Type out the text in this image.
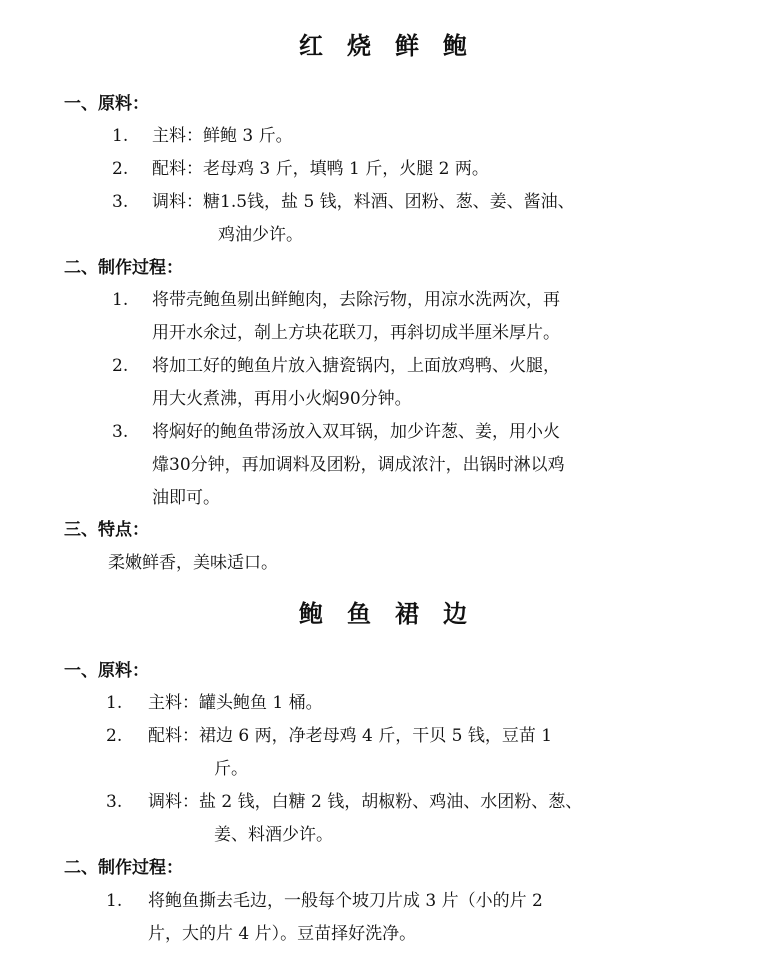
红烧鲜鲍
一、原料：
1. 主料：鲜鲍 3 斤。
2. 配料：老母鸡 3 斤，填鸭 1 斤，火腿 2 两。
3. 调料：糖1.5钱，盐 5 钱，料酒、团粉、葱、姜、酱油、
鸡油少许。
二、制作过程：
1. 将带壳鲍鱼剔出鲜鲍肉，去除污物，用凉水洗两次，再
用开水氽过，剞上方块花联刀，再斜切成半厘米厚片。
2. 将加工好的鲍鱼片放入搪瓷锅内，上面放鸡鸭、火腿，
用大火煮沸，再用小火焖90分钟。
3. 将焖好的鲍鱼带汤放入双耳锅，加少许葱、姜，用小火
㸆30分钟，再加调料及团粉，调成浓汁，出锅时淋以鸡
油即可。
三、特点：
柔嫩鲜香，美味适口。
鲍鱼裙边
一、原料：
1. 主料：罐头鲍鱼 1 桶。
2. 配料：裙边 6 两，净老母鸡 4 斤，干贝 5 钱，豆苗 1
斤。
3. 调料：盐 2 钱，白糖 2 钱，胡椒粉、鸡油、水团粉、葱、
姜、料酒少许。
二、制作过程：
1. 将鲍鱼撕去毛边，一般每个坡刀片成 3 片（小的片 2
片，大的片 4 片）。豆苗择好洗净。
